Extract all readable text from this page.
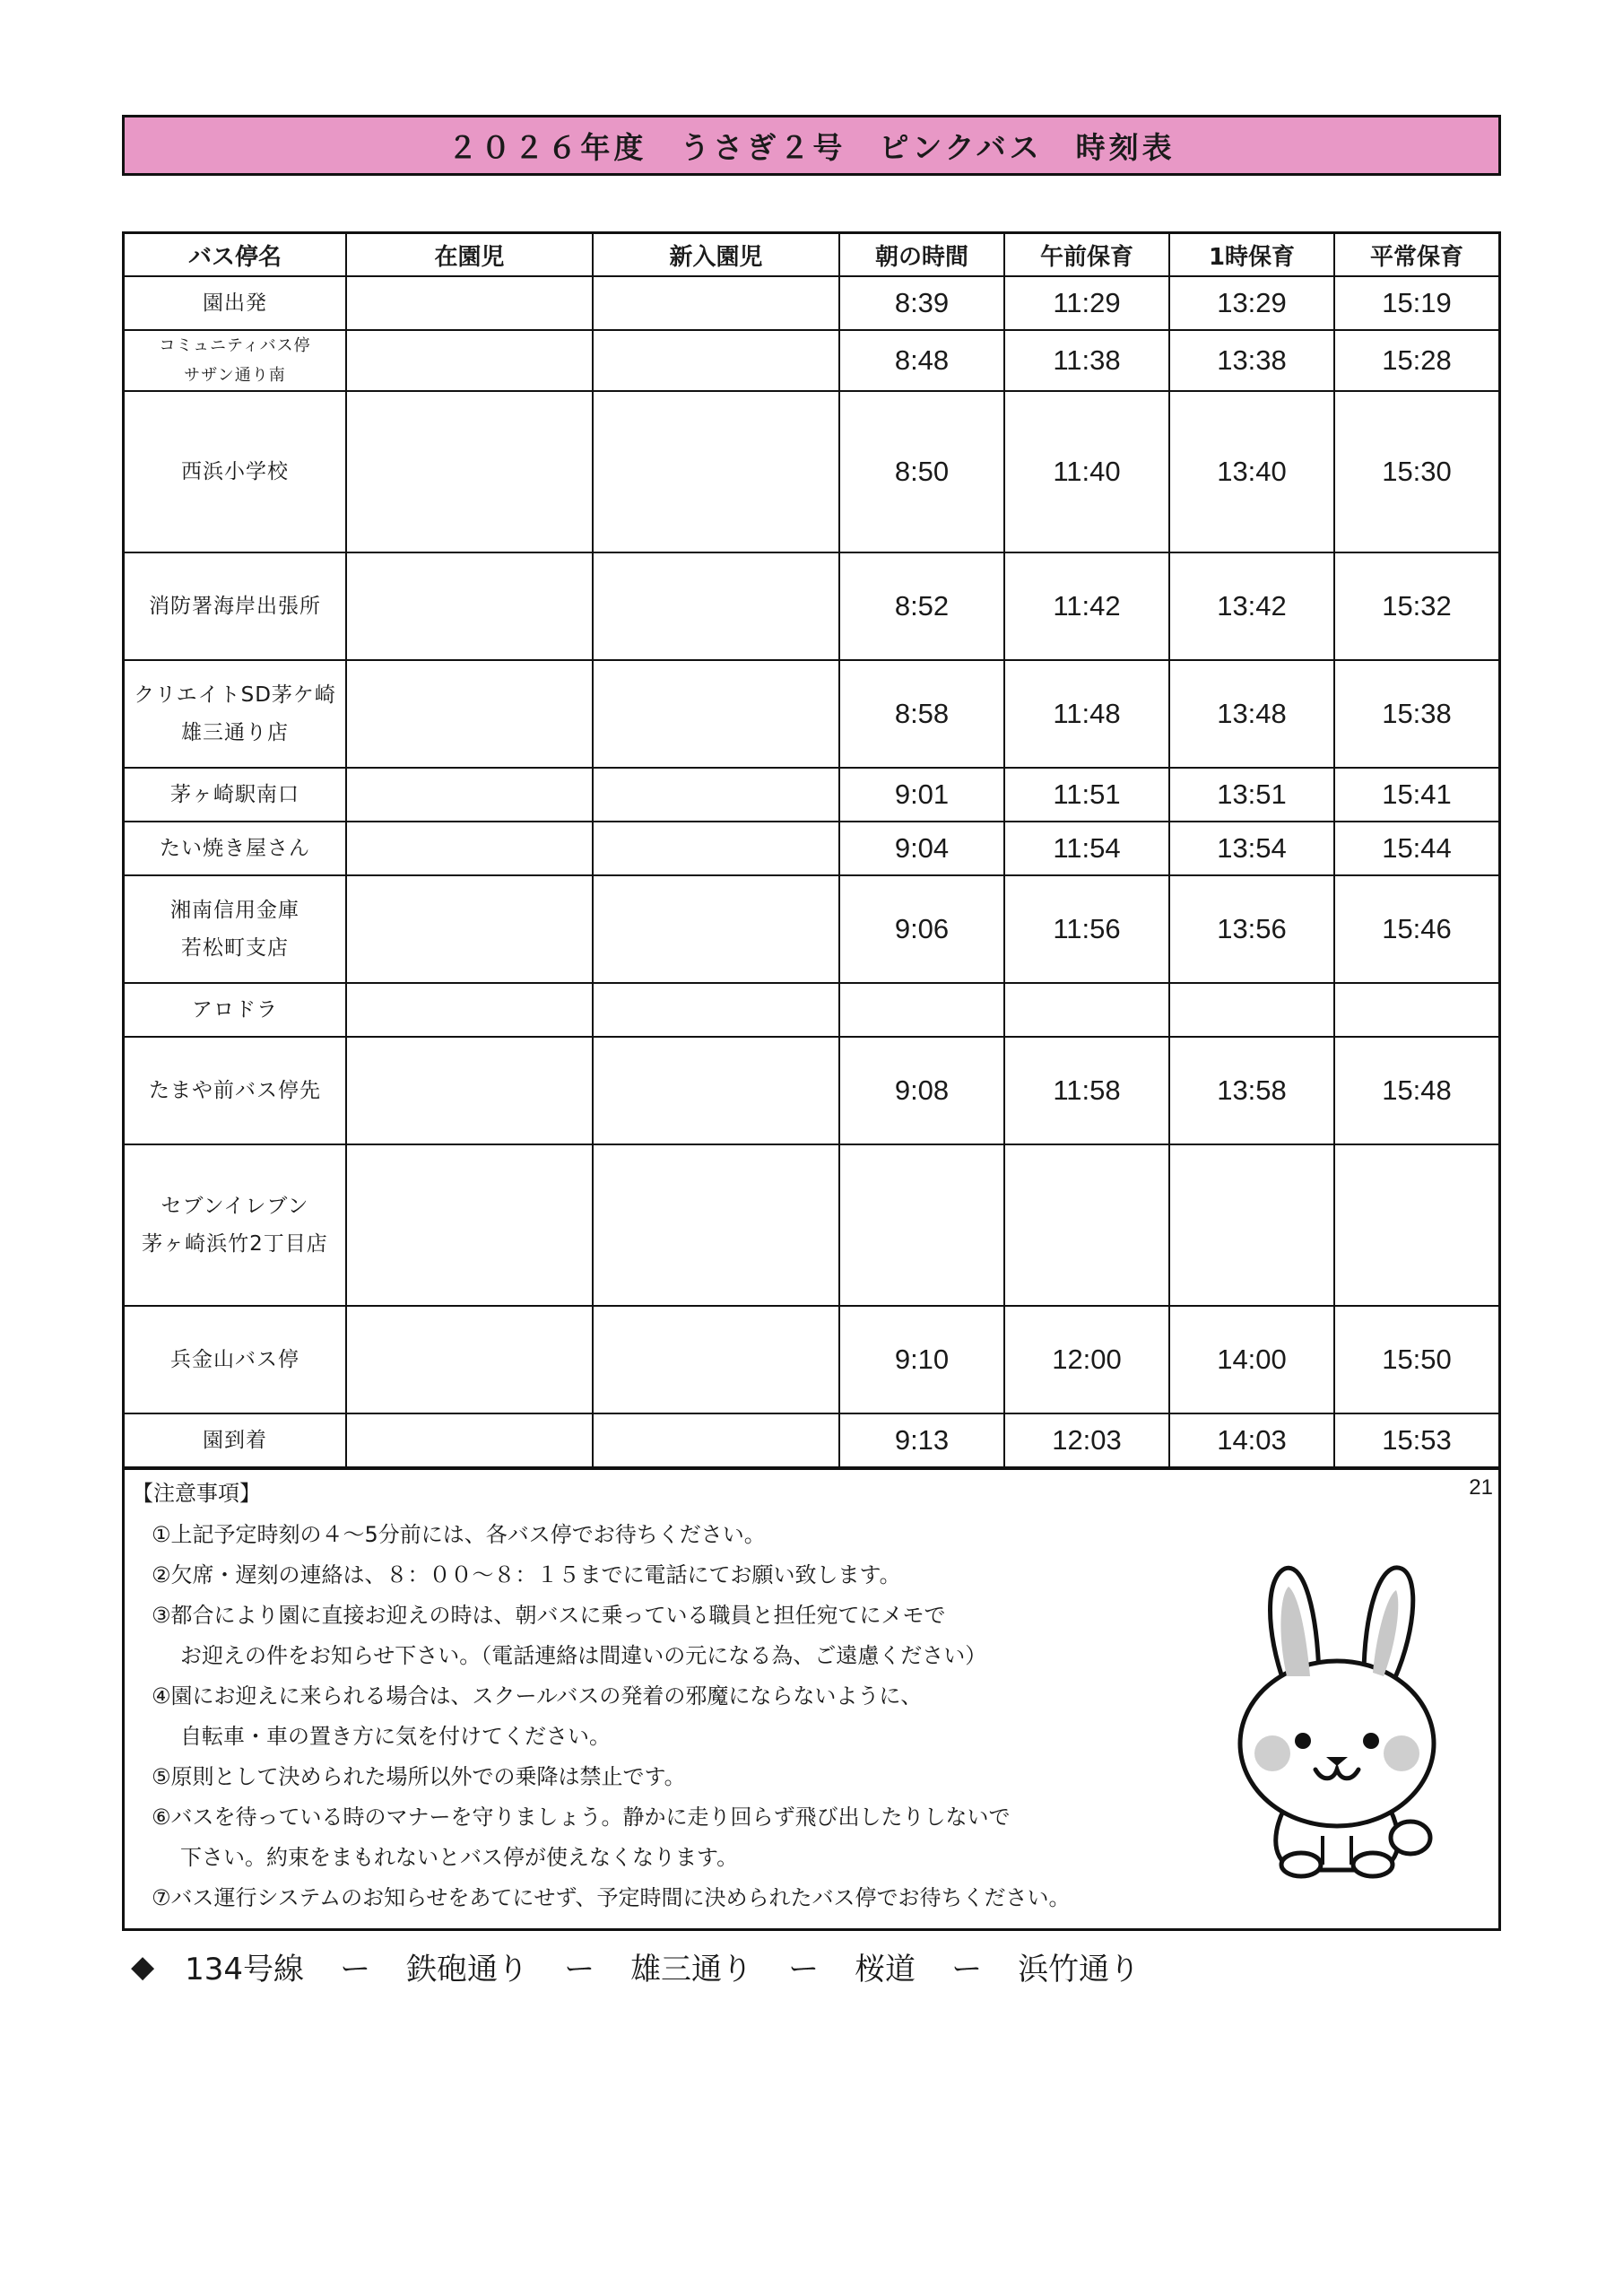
２０２６年度　うさぎ２号　ピンクバス　時刻表
バス停名	在園児	新入園児	朝の時間	午前保育	1時保育	平常保育

園出発			8:39	11:29	13:29	15:19

コミュニティバス停
サザン通り南			8:48	11:38	13:38	15:28

西浜小学校			8:50	11:40	13:40	15:30

消防署海岸出張所			8:52	11:42	13:42	15:32

クリエイトSD茅ケ崎
雄三通り店			8:58	11:48	13:48	15:38

茅ヶ崎駅南口			9:01	11:51	13:51	15:41

たい焼き屋さん			9:04	11:54	13:54	15:44

湘南信用金庫
若松町支店			9:06	11:56	13:56	15:46

アロドラ						

たまや前バス停先			9:08	11:58	13:58	15:48

セブンイレブン
茅ヶ崎浜竹2丁目店						

兵金山バス停			9:10	12:00	14:00	15:50

園到着			9:13	12:03	14:03	15:53
【注意事項】	21
①上記予定時刻の４～5分前には、各バス停でお待ちください。
②欠席・遅刻の連絡は、８：００～８：１５までに電話にてお願い致します。
③都合により園に直接お迎えの時は、朝バスに乗っている職員と担任宛てにメモで
お迎えの件をお知らせ下さい。（電話連絡は間違いの元になる為、ご遠慮ください）
④園にお迎えに来られる場合は、スクールバスの発着の邪魔にならないように、
自転車・車の置き方に気を付けてください。
⑤原則として決められた場所以外での乗降は禁止です。
⑥バスを待っている時のマナーを守りましょう。静かに走り回らず飛び出したりしないで
下さい。約束をまもれないとバス停が使えなくなります。
⑦バス運行システムのお知らせをあてにせず、予定時間に決められたバス停でお待ちください。
◆ 134号線 ー 鉄砲通り ー 雄三通り ー 桜道 ー 浜竹通り
